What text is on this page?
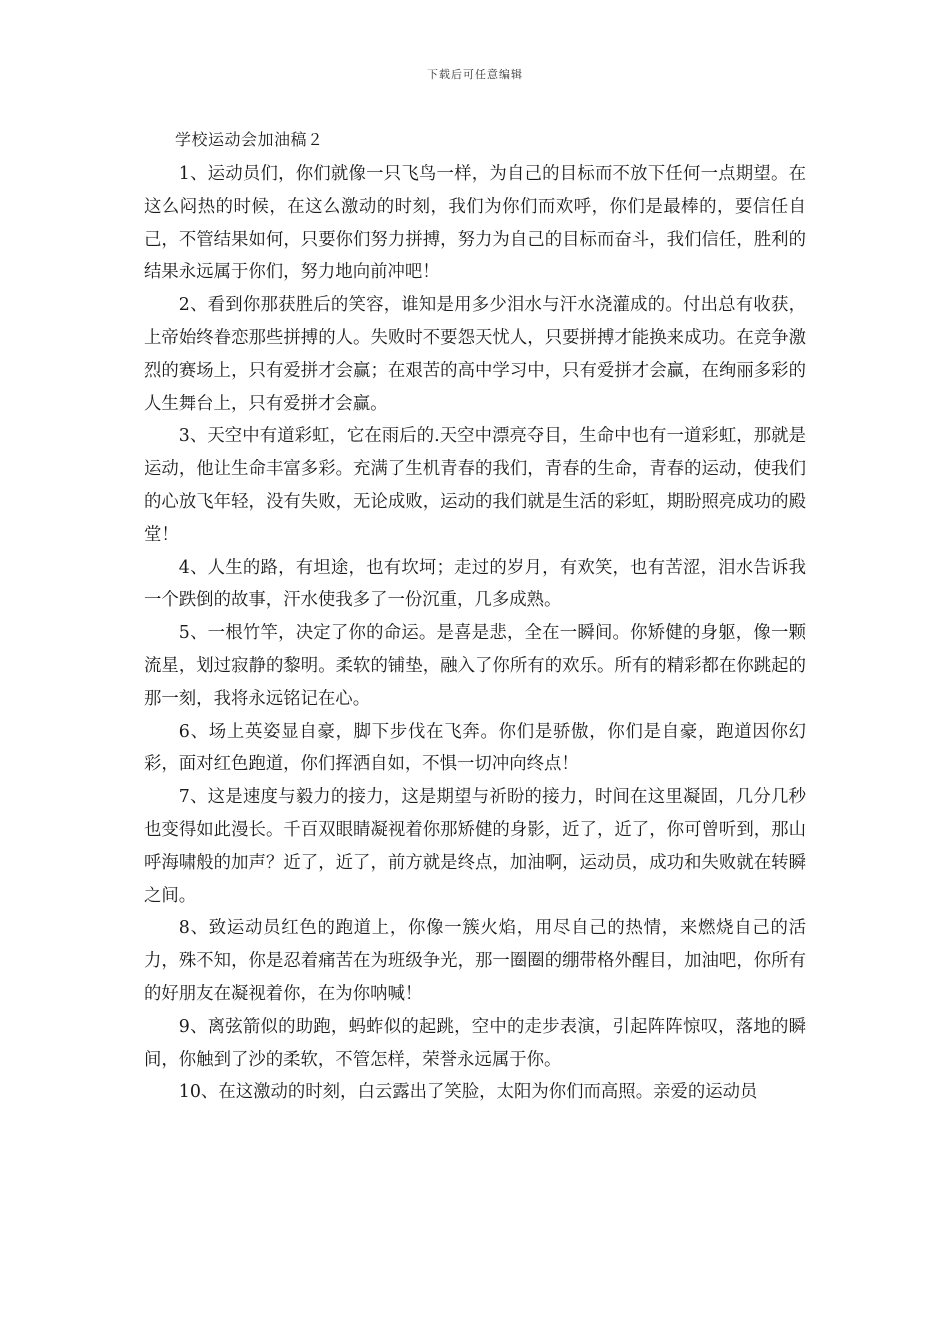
下载后可任意编辑
学校运动会加油稿２

1、运动员们，你们就像一只飞鸟一样，为自己的目标而不放下任何一点期望。在这么闷热的时候，在这么激动的时刻，我们为你们而欢呼，你们是最棒的，要信任自己，不管结果如何，只要你们努力拼搏，努力为自己的目标而奋斗，我们信任，胜利的结果永远属于你们，努力地向前冲吧！

2、看到你那获胜后的笑容，谁知是用多少泪水与汗水浇灌成的。付出总有收获，上帝始终眷恋那些拼搏的人。失败时不要怨天忧人，只要拼搏才能换来成功。在竞争激烈的赛场上，只有爱拼才会赢；在艰苦的高中学习中，只有爱拼才会赢，在绚丽多彩的人生舞台上，只有爱拼才会赢。

3、天空中有道彩虹，它在雨后的.天空中漂亮夺目，生命中也有一道彩虹，那就是运动，他让生命丰富多彩。充满了生机青春的我们，青春的生命，青春的运动，使我们的心放飞年轻，没有失败，无论成败，运动的我们就是生活的彩虹，期盼照亮成功的殿堂！

4、人生的路，有坦途，也有坎坷；走过的岁月，有欢笑，也有苦涩，泪水告诉我一个跌倒的故事，汗水使我多了一份沉重，几多成熟。

5、一根竹竿，决定了你的命运。是喜是悲，全在一瞬间。你矫健的身躯，像一颗流星，划过寂静的黎明。柔软的铺垫，融入了你所有的欢乐。所有的精彩都在你跳起的那一刻，我将永远铭记在心。

6、场上英姿显自豪，脚下步伐在飞奔。你们是骄傲，你们是自豪，跑道因你幻彩，面对红色跑道，你们挥洒自如，不惧一切冲向终点！

7、这是速度与毅力的接力，这是期望与祈盼的接力，时间在这里凝固，几分几秒也变得如此漫长。千百双眼睛凝视着你那矫健的身影，近了，近了，你可曾听到，那山呼海啸般的加声？近了，近了，前方就是终点，加油啊，运动员，成功和失败就在转瞬之间。

8、致运动员红色的跑道上，你像一簇火焰，用尽自己的热情，来燃烧自己的活力，殊不知，你是忍着痛苦在为班级争光，那一圈圈的绷带格外醒目，加油吧，你所有的好朋友在凝视着你，在为你呐喊！

9、离弦箭似的助跑，蚂蚱似的起跳，空中的走步表演，引起阵阵惊叹，落地的瞬间，你触到了沙的柔软，不管怎样，荣誉永远属于你。

10、在这激动的时刻，白云露出了笑脸，太阳为你们而高照。亲爱的运动员
